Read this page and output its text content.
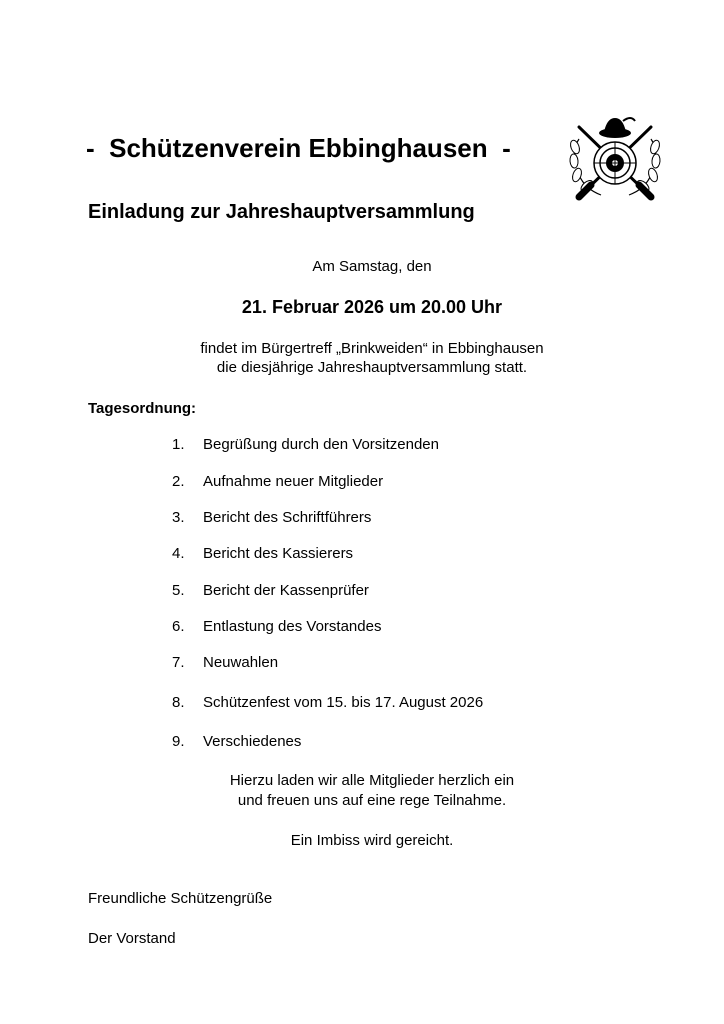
-  Schützenverein Ebbinghausen  -
Einladung zur Jahreshauptversammlung
Am Samstag, den
21. Februar 2026 um 20.00 Uhr
findet im Bürgertreff „Brinkweiden“ in Ebbinghausen
die diesjährige Jahreshauptversammlung statt.
Tagesordnung:
1. Begrüßung durch den Vorsitzenden
2. Aufnahme neuer Mitglieder
3. Bericht des Schriftführers
4. Bericht des Kassierers
5. Bericht der Kassenprüfer
6. Entlastung des Vorstandes
7. Neuwahlen
8. Schützenfest vom 15. bis 17. August 2026
9. Verschiedenes
Hierzu laden wir alle Mitglieder herzlich ein
und freuen uns auf eine rege Teilnahme.
Ein Imbiss wird gereicht.
Freundliche Schützengrüße
Der Vorstand
